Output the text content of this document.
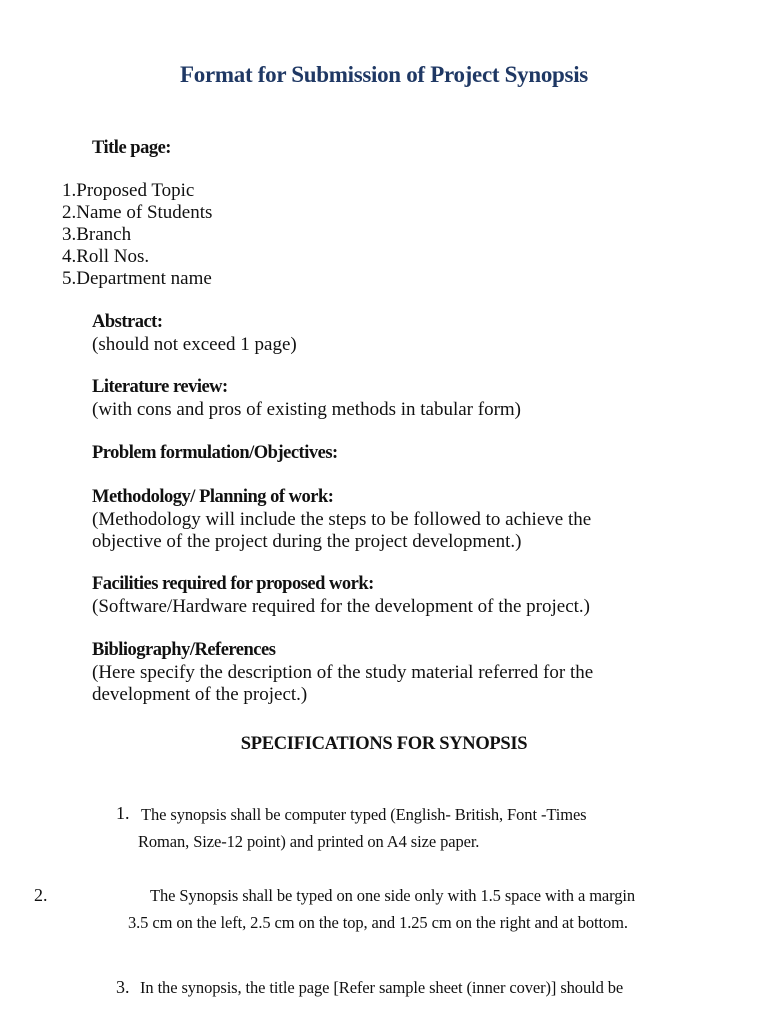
Format for Submission of Project Synopsis
Title page:
1.Proposed Topic
2.Name of Students
3.Branch
4.Roll Nos.
5.Department name
Abstract:
(should not exceed 1 page)
Literature review:
(with cons and pros of existing methods in tabular form)
Problem formulation/Objectives:
Methodology/ Planning of work:
(Methodology will include the steps to be followed to achieve the
objective of the project during the project development.)
Facilities required for proposed work:
(Software/Hardware required for the development of the project.)
Bibliography/References
(Here specify the description of the study material referred for the
development of the project.)
SPECIFICATIONS FOR SYNOPSIS
1. The synopsis shall be computer typed (English- British, Font -Times
Roman, Size-12 point) and printed on A4 size paper.
2.	The Synopsis shall be typed on one side only with 1.5 space with a margin
3.5 cm on the left, 2.5 cm on the top, and 1.25 cm on the right and at bottom.
3. In the synopsis, the title page [Refer sample sheet (inner cover)] should be
